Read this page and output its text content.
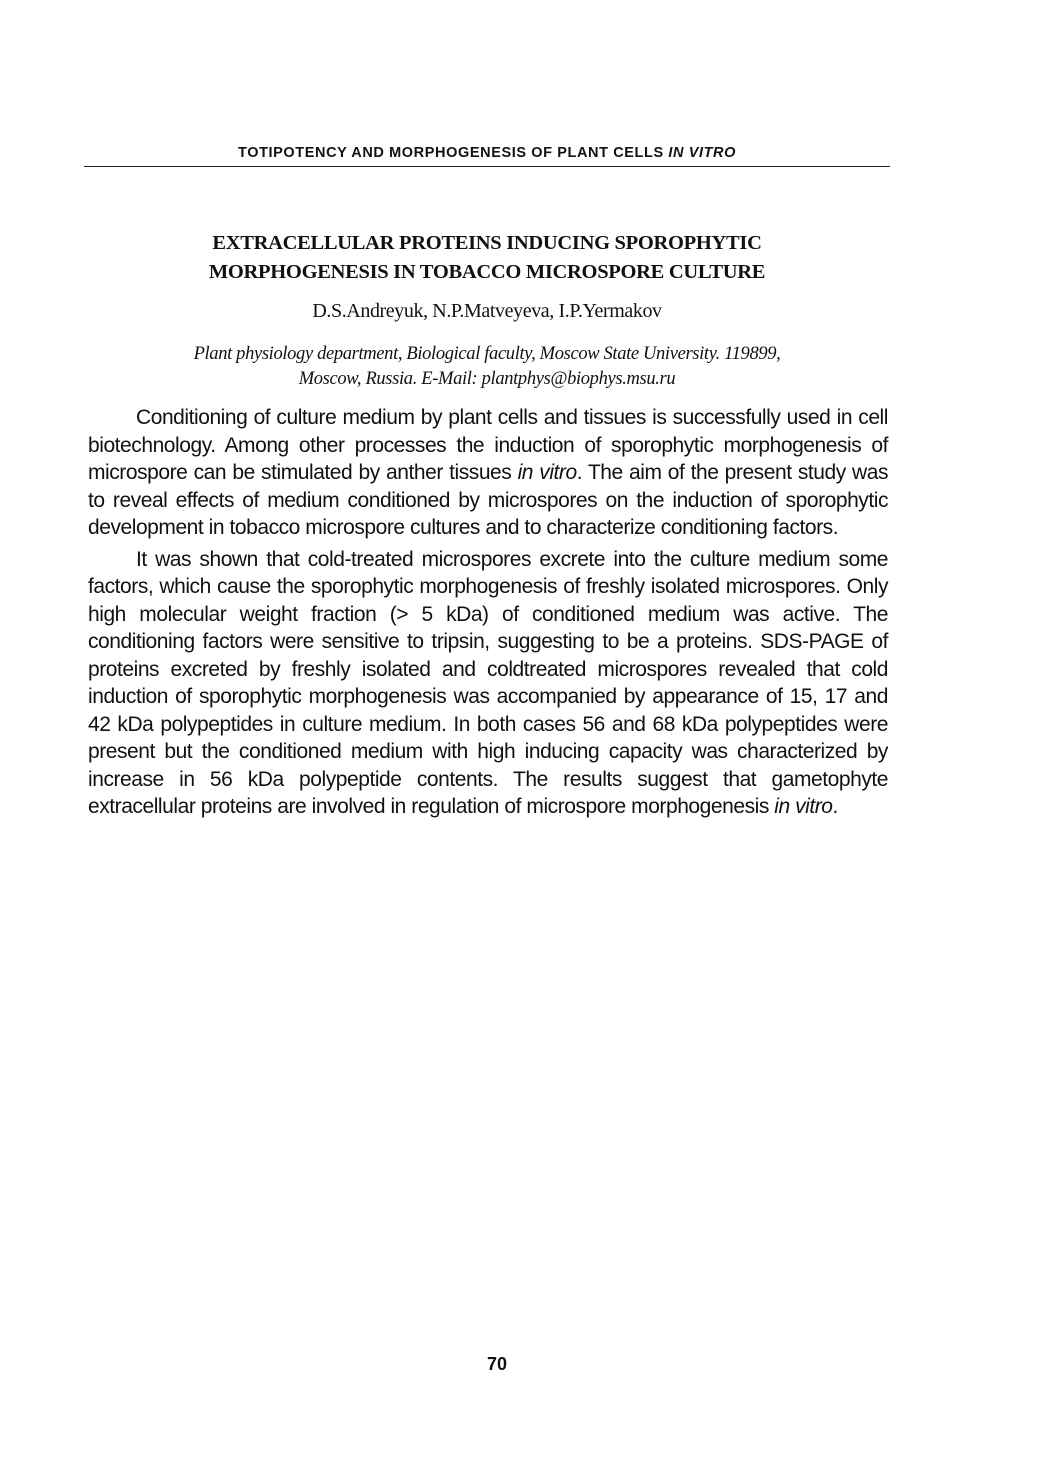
TOTIPOTENCY AND MORPHOGENESIS OF PLANT CELLS IN VITRO
EXTRACELLULAR PROTEINS INDUCING SPOROPHYTIC
MORPHOGENESIS IN TOBACCO MICROSPORE CULTURE
D.S.Andreyuk, N.P.Matveyeva, I.P.Yermakov
Plant physiology department, Biological faculty, Moscow State University. 119899,
Moscow, Russia. E-Mail: plantphys@biophys.msu.ru

Conditioning of culture medium by plant cells and tissues is successfully used in cell biotechnology. Among other processes the induction of sporophytic morphogenesis of microspore can be stimulated by anther tissues in vitro. The aim of the present study was to reveal effects of medium conditioned by microspores on the induction of sporophytic development in tobacco microspore cultures and to characterize conditioning factors.

It was shown that cold-treated microspores excrete into the culture medium some factors, which cause the sporophytic morphogenesis of freshly isolated microspores. Only high molecular weight fraction (> 5 kDa) of conditioned medium was active. The conditioning factors were sensitive to tripsin, suggesting to be a proteins. SDS-PAGE of proteins excreted by freshly isolated and coldtreated microspores revealed that cold induction of sporophytic morphogenesis was accompanied by appearance of 15, 17 and 42 kDa polypeptides in culture medium. In both cases 56 and 68 kDa polypeptides were present but the conditioned medium with high inducing capacity was characterized by increase in 56 kDa polypeptide contents. The results suggest that gametophyte extracellular proteins are involved in regulation of microspore morphogenesis in vitro.

70
